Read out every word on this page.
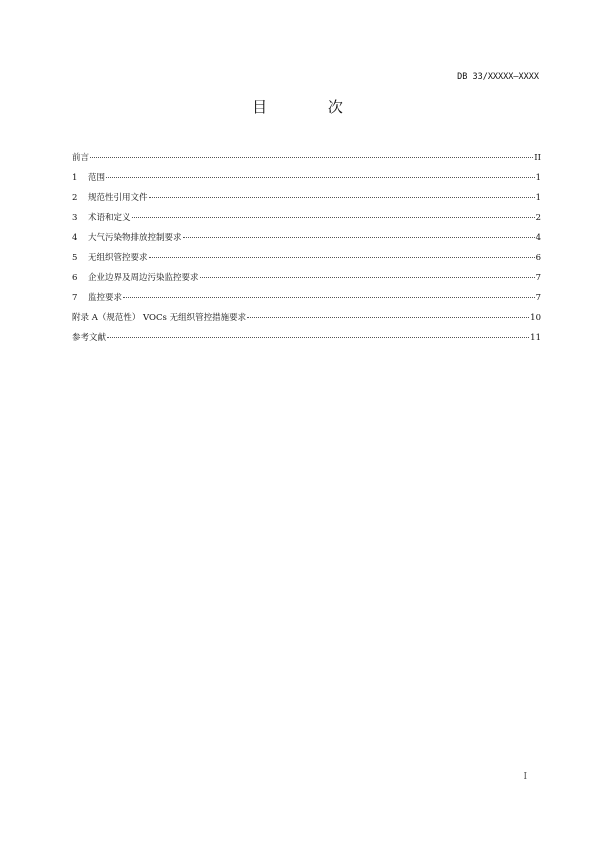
DB 33/XXXXX—XXXX
目 次
前言	II
1	范围	1
2	规范性引用文件	1
3	术语和定义	2
4	大气污染物排放控制要求	4
5	无组织管控要求	6
6	企业边界及周边污染监控要求	7
7	监控要求	7
附录 A（规范性） VOCs 无组织管控措施要求	10
参考文献	11
I
